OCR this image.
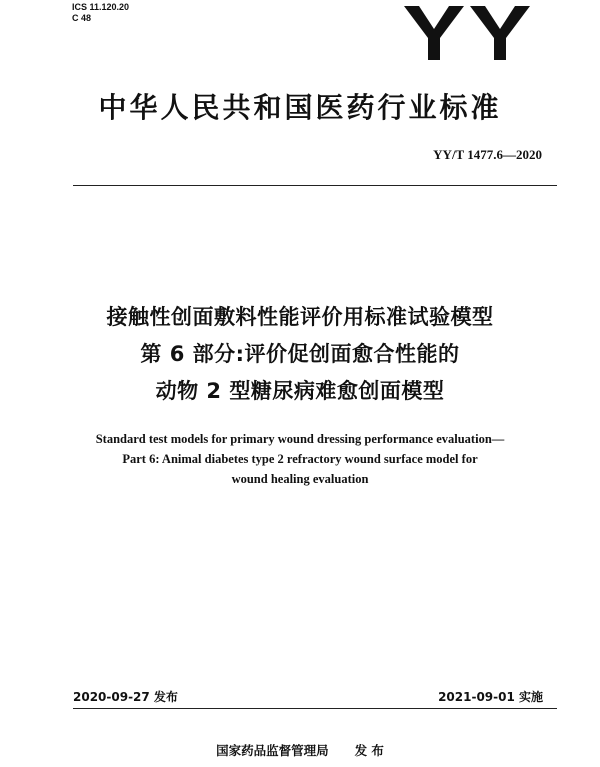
ICS 11.120.20
C 48
中华人民共和国医药行业标准
YY/T 1477.6—2020
接触性创面敷料性能评价用标准试验模型
第 6 部分:评价促创面愈合性能的
动物 2 型糖尿病难愈创面模型
Standard test models for primary wound dressing performance evaluation—
Part 6: Animal diabetes type 2 refractory wound surface model for
wound healing evaluation
2020-09-27 发布	2021-09-01 实施
国家药品监督管理局 发 布
